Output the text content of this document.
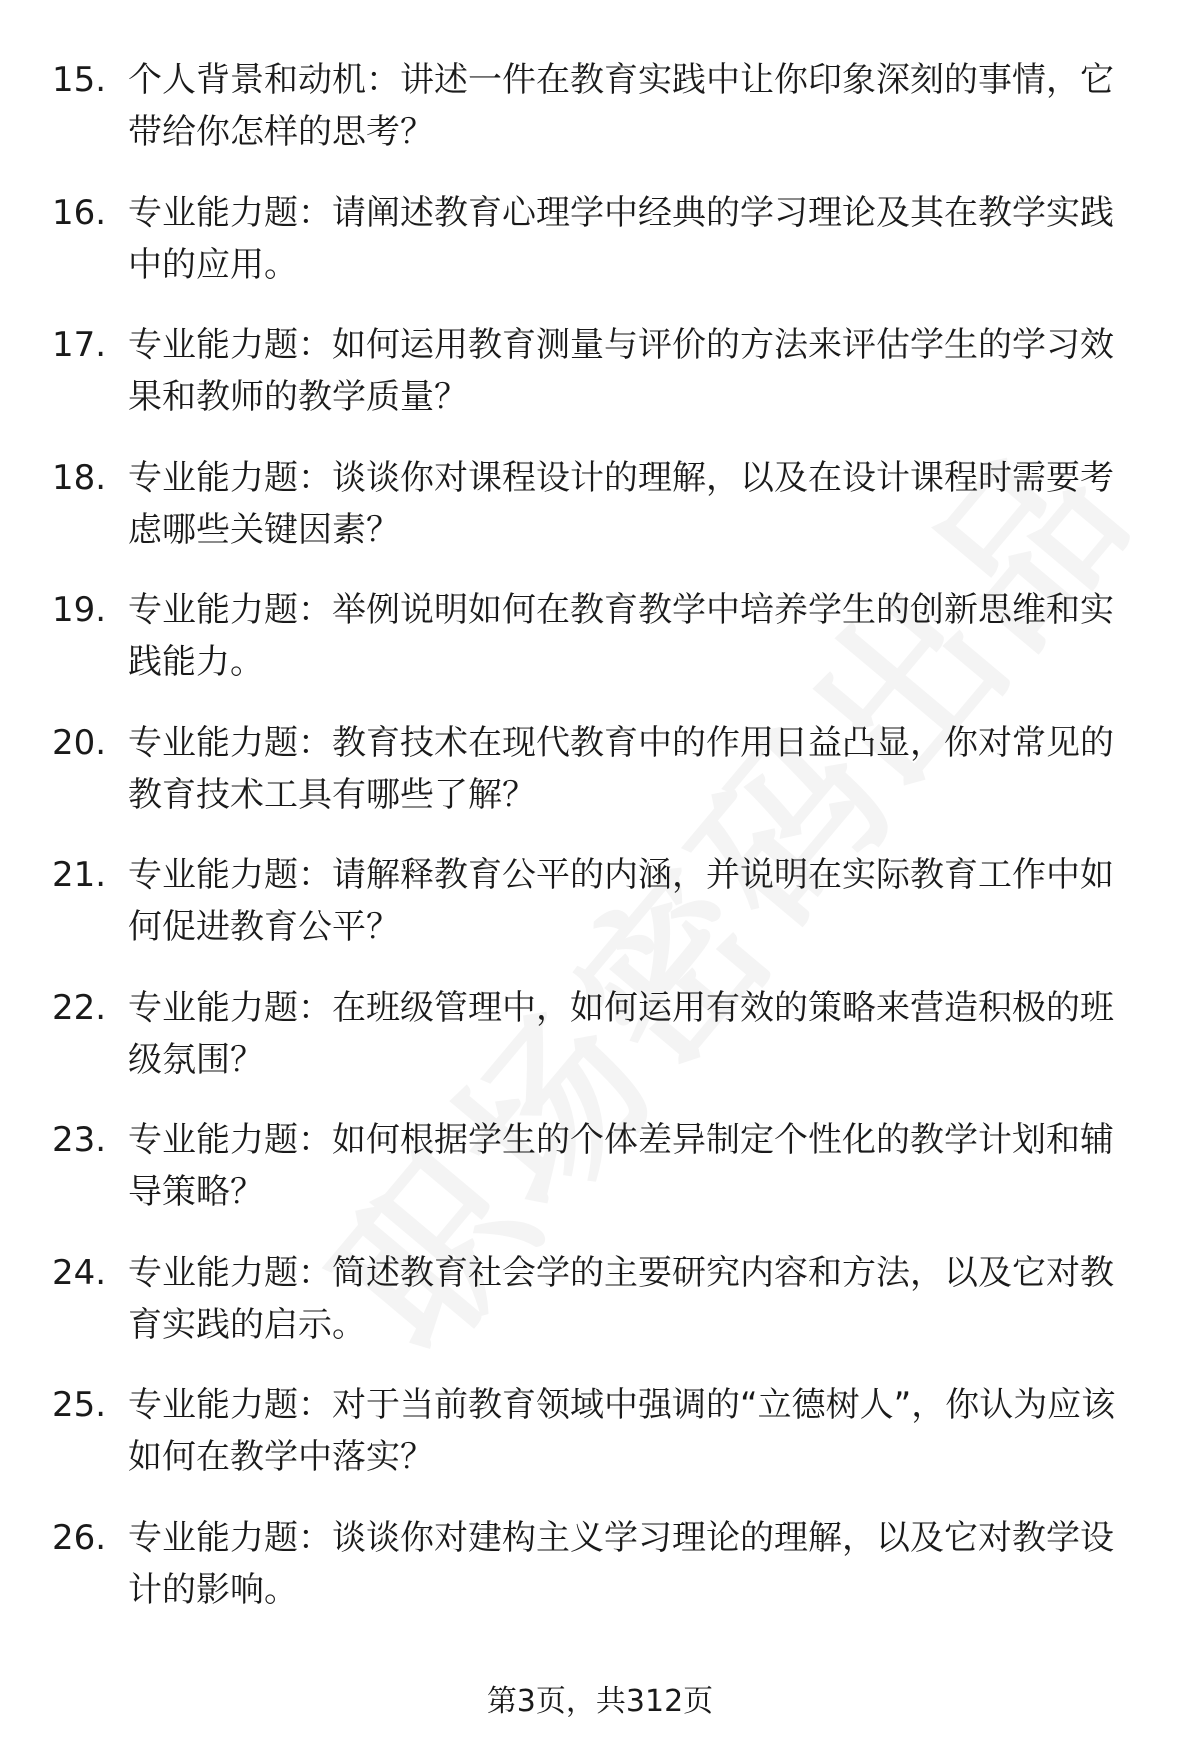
15. 个人背景和动机：讲述一件在教育实践中让你印象深刻的事情，它带给你怎样的思考？
16. 专业能力题：请阐述教育心理学中经典的学习理论及其在教学实践中的应用。
17. 专业能力题：如何运用教育测量与评价的方法来评估学生的学习效果和教师的教学质量？
18. 专业能力题：谈谈你对课程设计的理解，以及在设计课程时需要考虑哪些关键因素？
19. 专业能力题：举例说明如何在教育教学中培养学生的创新思维和实践能力。
20. 专业能力题：教育技术在现代教育中的作用日益凸显，你对常见的教育技术工具有哪些了解？
21. 专业能力题：请解释教育公平的内涵，并说明在实际教育工作中如何促进教育公平？
22. 专业能力题：在班级管理中，如何运用有效的策略来营造积极的班级氛围？
23. 专业能力题：如何根据学生的个体差异制定个性化的教学计划和辅导策略？
24. 专业能力题：简述教育社会学的主要研究内容和方法，以及它对教育实践的启示。
25. 专业能力题：对于当前教育领域中强调的“立德树人”，你认为应该如何在教学中落实？
26. 专业能力题：谈谈你对建构主义学习理论的理解，以及它对教学设计的影响。
第3页，共312页
